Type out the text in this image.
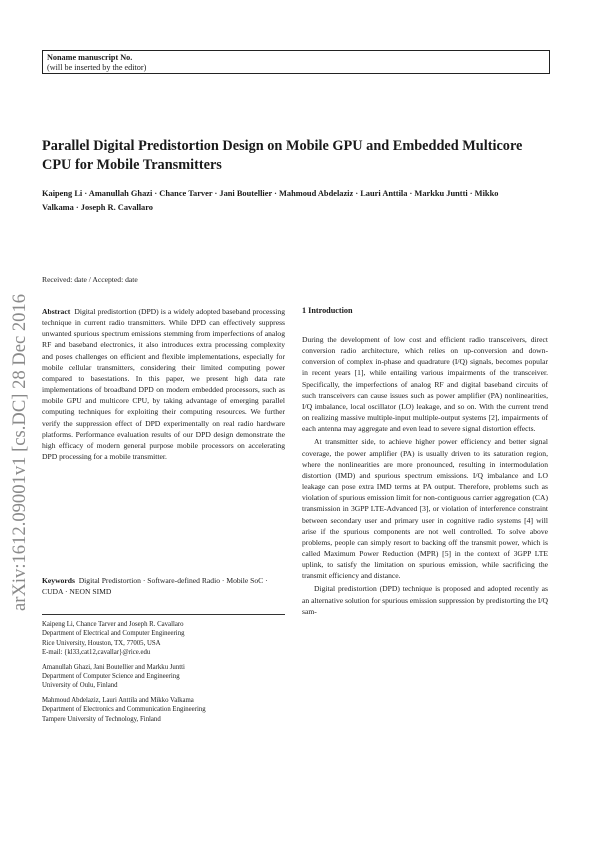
Noname manuscript No.
(will be inserted by the editor)
Parallel Digital Predistortion Design on Mobile GPU and Embedded Multicore CPU for Mobile Transmitters
Kaipeng Li · Amanullah Ghazi · Chance Tarver · Jani Boutellier · Mahmoud Abdelaziz · Lauri Anttila · Markku Juntti · Mikko Valkama · Joseph R. Cavallaro
Received: date / Accepted: date
arXiv:1612.09001v1 [cs.DC] 28 Dec 2016	Abstract Digital predistortion (DPD) is a widely adopted baseband processing technique in current radio transmitters. While DPD can effectively suppress unwanted spurious spectrum emissions stemming from imperfections of analog RF and baseband electronics, it also introduces extra processing complexity and poses challenges on efficient and flexible implementations, especially for mobile cellular transmitters, considering their limited computing power compared to basestations. In this paper, we present high data rate implementations of broadband DPD on modern embedded processors, such as mobile GPU and multicore CPU, by taking advantage of emerging parallel computing techniques for exploiting their computing resources. We further verify the suppression effect of DPD experimentally on real radio hardware platforms. Performance evaluation results of our DPD design demonstrate the high efficacy of modern general purpose mobile processors on accelerating DPD processing for a mobile transmitter.
Keywords Digital Predistortion · Software-defined Radio · Mobile SoC · CUDA · NEON SIMD
Kaipeng Li, Chance Tarver and Joseph R. Cavallaro
Department of Electrical and Computer Engineering
Rice University, Houston, TX, 77005, USA
E-mail: {kl33,cat12,cavallar}@rice.edu
Amanullah Ghazi, Jani Boutellier and Markku Juntti
Department of Computer Science and Engineering
University of Oulu, Finland
Mahmoud Abdelaziz, Lauri Anttila and Mikko Valkama
Department of Electronics and Communication Engineering
Tampere University of Technology, Finland
1 Introduction

During the development of low cost and efficient radio transceivers, direct conversion radio architecture, which relies on up-conversion and down-conversion of complex in-phase and quadrature (I/Q) signals, becomes popular in recent years [1], while entailing various impairments of the transceiver. Specifically, the imperfections of analog RF and digital baseband circuits of such transceivers can cause issues such as power amplifier (PA) nonlinearities, I/Q imbalance, local oscillator (LO) leakage, and so on. With the current trend on realizing massive multiple-input multiple-output systems [2], impairments of each antenna may aggregate and even lead to severe signal distortion effects.

At transmitter side, to achieve higher power efficiency and better signal coverage, the power amplifier (PA) is usually driven to its saturation region, where the nonlinearities are more pronounced, resulting in intermodulation distortion (IMD) and spurious spectrum emissions. I/Q imbalance and LO leakage can pose extra IMD terms at PA output. Therefore, problems such as violation of spurious emission limit for non-contiguous carrier aggregation (CA) transmission in 3GPP LTE-Advanced [3], or violation of interference constraint between secondary user and primary user in cognitive radio systems [4] will arise if the spurious components are not well controlled. To solve above problems, people can simply resort to backing off the transmit power, which is called Maximum Power Reduction (MPR) [5] in the context of 3GPP LTE uplink, to satisfy the limitation on spurious emission, while sacrificing the transmit efficiency and distance.

Digital predistortion (DPD) technique is proposed and adopted recently as an alternative solution for spurious emission suppression by predistorting the I/Q sam-
